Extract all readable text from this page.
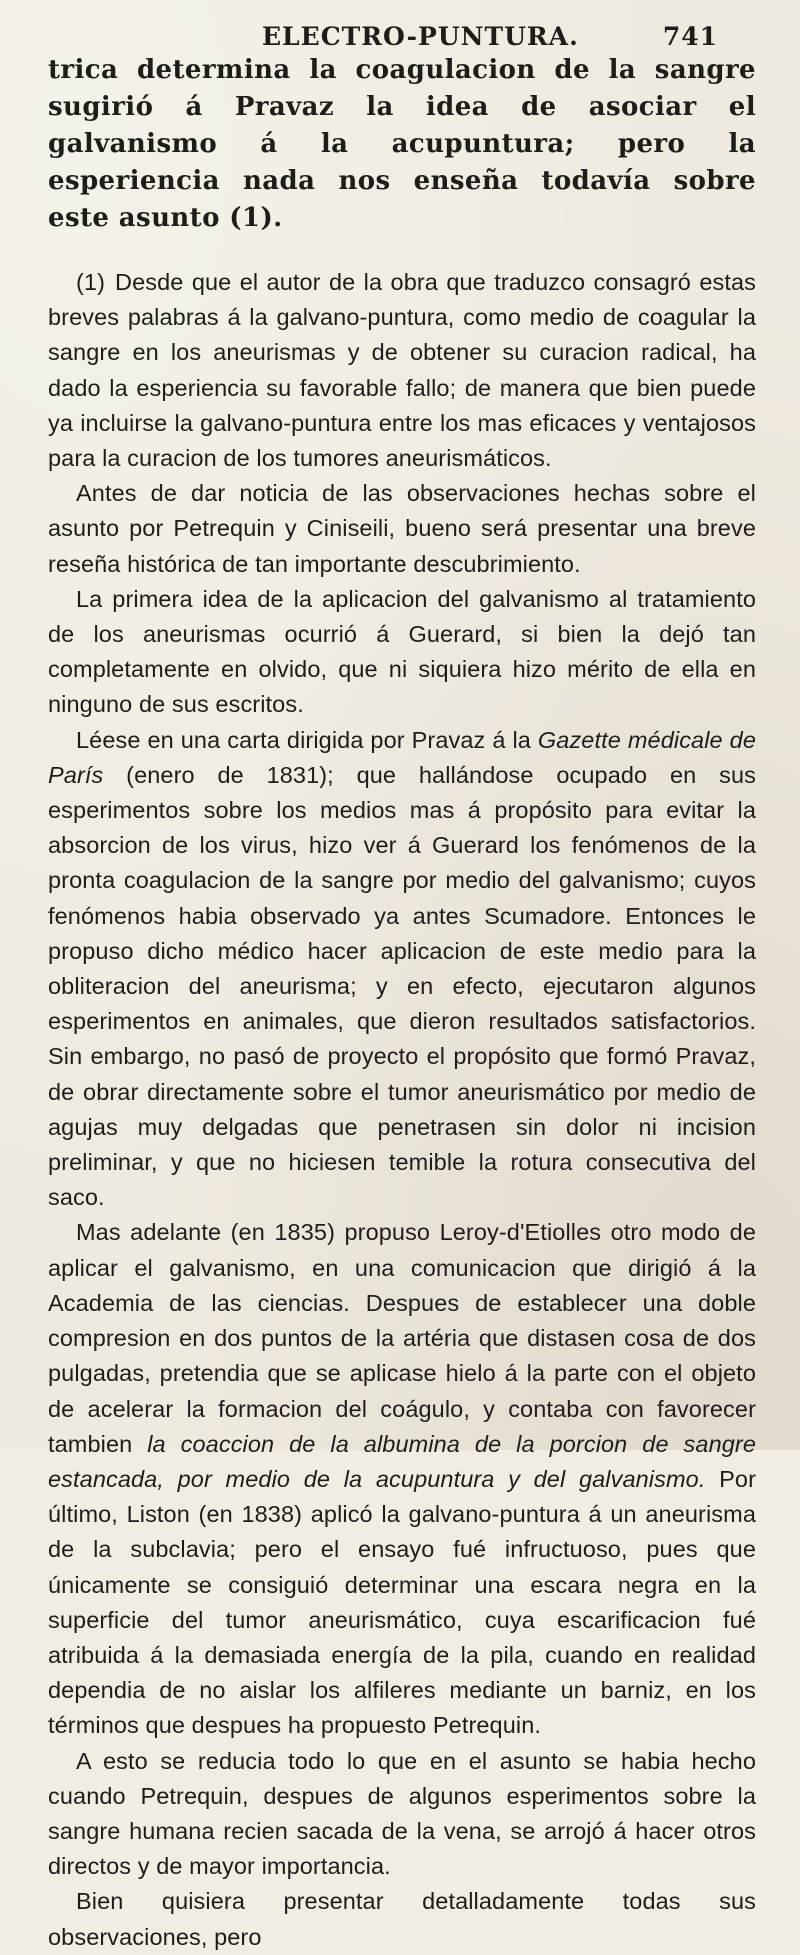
ELECTRO-PUNTURA.	741

trica determina la coagulacion de la sangre sugirió á Pravaz la idea de asociar el galvanismo á la acupuntura; pero la esperiencia nada nos enseña todavía sobre este asunto (1).

(1) Desde que el autor de la obra que traduzco consagró estas breves palabras á la galvano-puntura, como medio de coagular la sangre en los aneurismas y de obtener su curacion radical, ha dado la esperiencia su favorable fallo; de manera que bien puede ya incluirse la galvano-puntura entre los mas eficaces y ventajosos para la curacion de los tumores aneurismáticos.

Antes de dar noticia de las observaciones hechas sobre el asunto por Petrequin y Ciniseili, bueno será presentar una breve reseña histórica de tan importante descubrimiento.

La primera idea de la aplicacion del galvanismo al tratamiento de los aneurismas ocurrió á Guerard, si bien la dejó tan completamente en olvido, que ni siquiera hizo mérito de ella en ninguno de sus escritos.

Léese en una carta dirigida por Pravaz á la Gazette médicale de París (enero de 1831); que hallándose ocupado en sus esperimentos sobre los medios mas á propósito para evitar la absorcion de los virus, hizo ver á Guerard los fenómenos de la pronta coagulacion de la sangre por medio del galvanismo; cuyos fenómenos habia observado ya antes Scumadore. Entonces le propuso dicho médico hacer aplicacion de este medio para la obliteracion del aneurisma; y en efecto, ejecutaron algunos esperimentos en animales, que dieron resultados satisfactorios. Sin embargo, no pasó de proyecto el propósito que formó Pravaz, de obrar directamente sobre el tumor aneurismático por medio de agujas muy delgadas que penetrasen sin dolor ni incision preliminar, y que no hiciesen temible la rotura consecutiva del saco.

Mas adelante (en 1835) propuso Leroy-d'Etiolles otro modo de aplicar el galvanismo, en una comunicacion que dirigió á la Academia de las ciencias. Despues de establecer una doble compresion en dos puntos de la artéria que distasen cosa de dos pulgadas, pretendia que se aplicase hielo á la parte con el objeto de acelerar la formacion del coágulo, y contaba con favorecer tambien la coaccion de la albumina de la porcion de sangre estancada, por medio de la acupuntura y del galvanismo. Por último, Liston (en 1838) aplicó la galvano-puntura á un aneurisma de la subclavia; pero el ensayo fué infructuoso, pues que únicamente se consiguió determinar una escara negra en la superficie del tumor aneurismático, cuya escarificacion fué atribuida á la demasiada energía de la pila, cuando en realidad dependia de no aislar los alfileres mediante un barniz, en los términos que despues ha propuesto Petrequin.

A esto se reducia todo lo que en el asunto se habia hecho cuando Petrequin, despues de algunos esperimentos sobre la sangre humana recien sacada de la vena, se arrojó á hacer otros directos y de mayor importancia.

Bien quisiera presentar detalladamente todas sus observaciones, pero
